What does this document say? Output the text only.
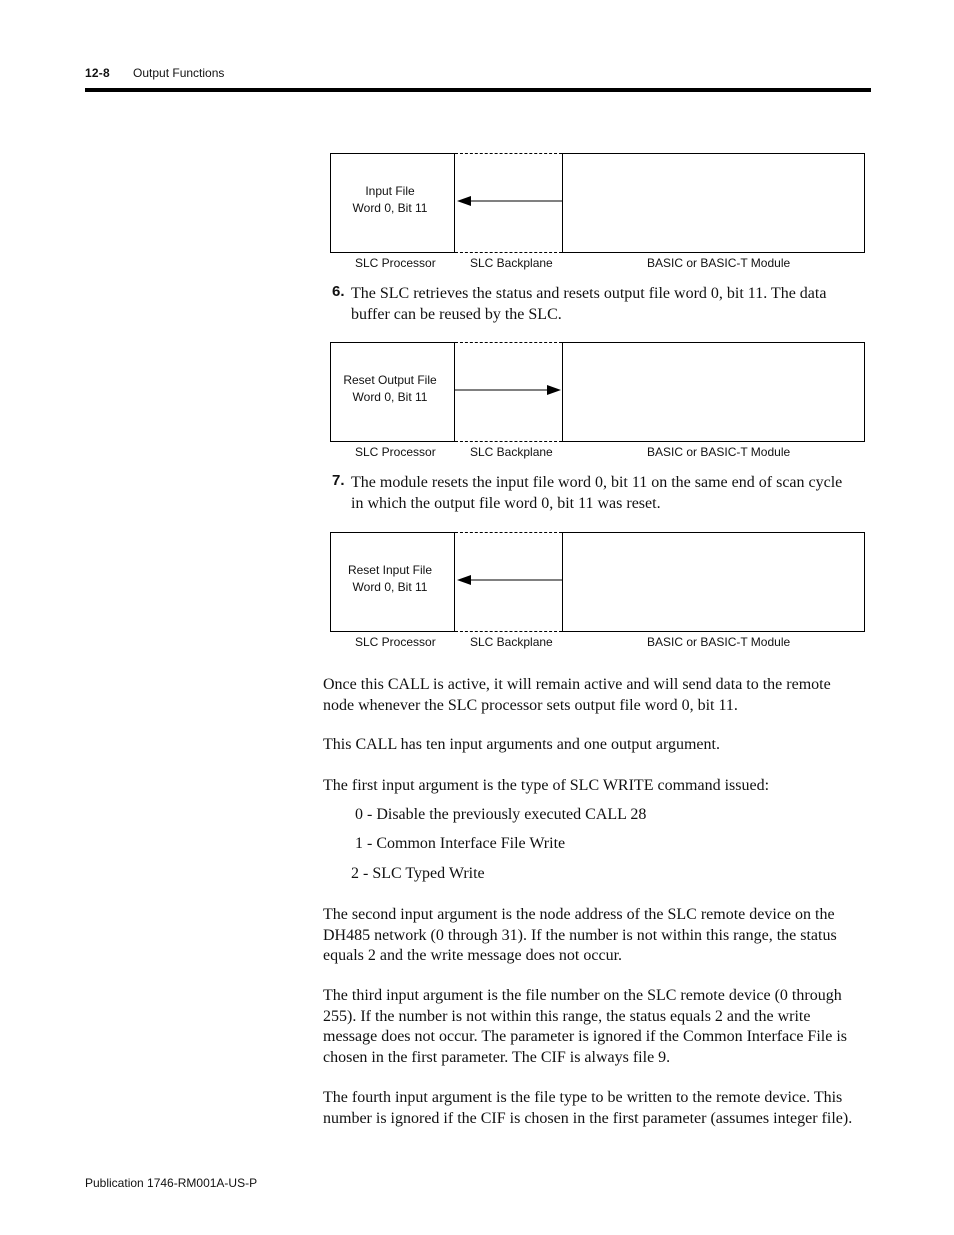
12-8 Output Functions
Input File
Word 0, Bit 11
SLC Processor	SLC Backplane	BASIC or BASIC-T Module
6. The SLC retrieves the status and resets output file word 0, bit 11. The data
buffer can be reused by the SLC.
Reset Output File
Word 0, Bit 11
SLC Processor	SLC Backplane	BASIC or BASIC-T Module
7. The module resets the input file word 0, bit 11 on the same end of scan cycle
in which the output file word 0, bit 11 was reset.
Reset Input File
Word 0, Bit 11
SLC Processor	SLC Backplane	BASIC or BASIC-T Module
Once this CALL is active, it will remain active and will send data to the remote
node whenever the SLC processor sets output file word 0, bit 11.
This CALL has ten input arguments and one output argument.
The first input argument is the type of SLC WRITE command issued:
0 - Disable the previously executed CALL 28
1 - Common Interface File Write
2 - SLC Typed Write
The second input argument is the node address of the SLC remote device on the
DH485 network (0 through 31). If the number is not within this range, the status
equals 2 and the write message does not occur.
The third input argument is the file number on the SLC remote device (0 through
255). If the number is not within this range, the status equals 2 and the write
message does not occur. The parameter is ignored if the Common Interface File is
chosen in the first parameter. The CIF is always file 9.
The fourth input argument is the file type to be written to the remote device. This
number is ignored if the CIF is chosen in the first parameter (assumes integer file).
Publication 1746-RM001A-US-P
